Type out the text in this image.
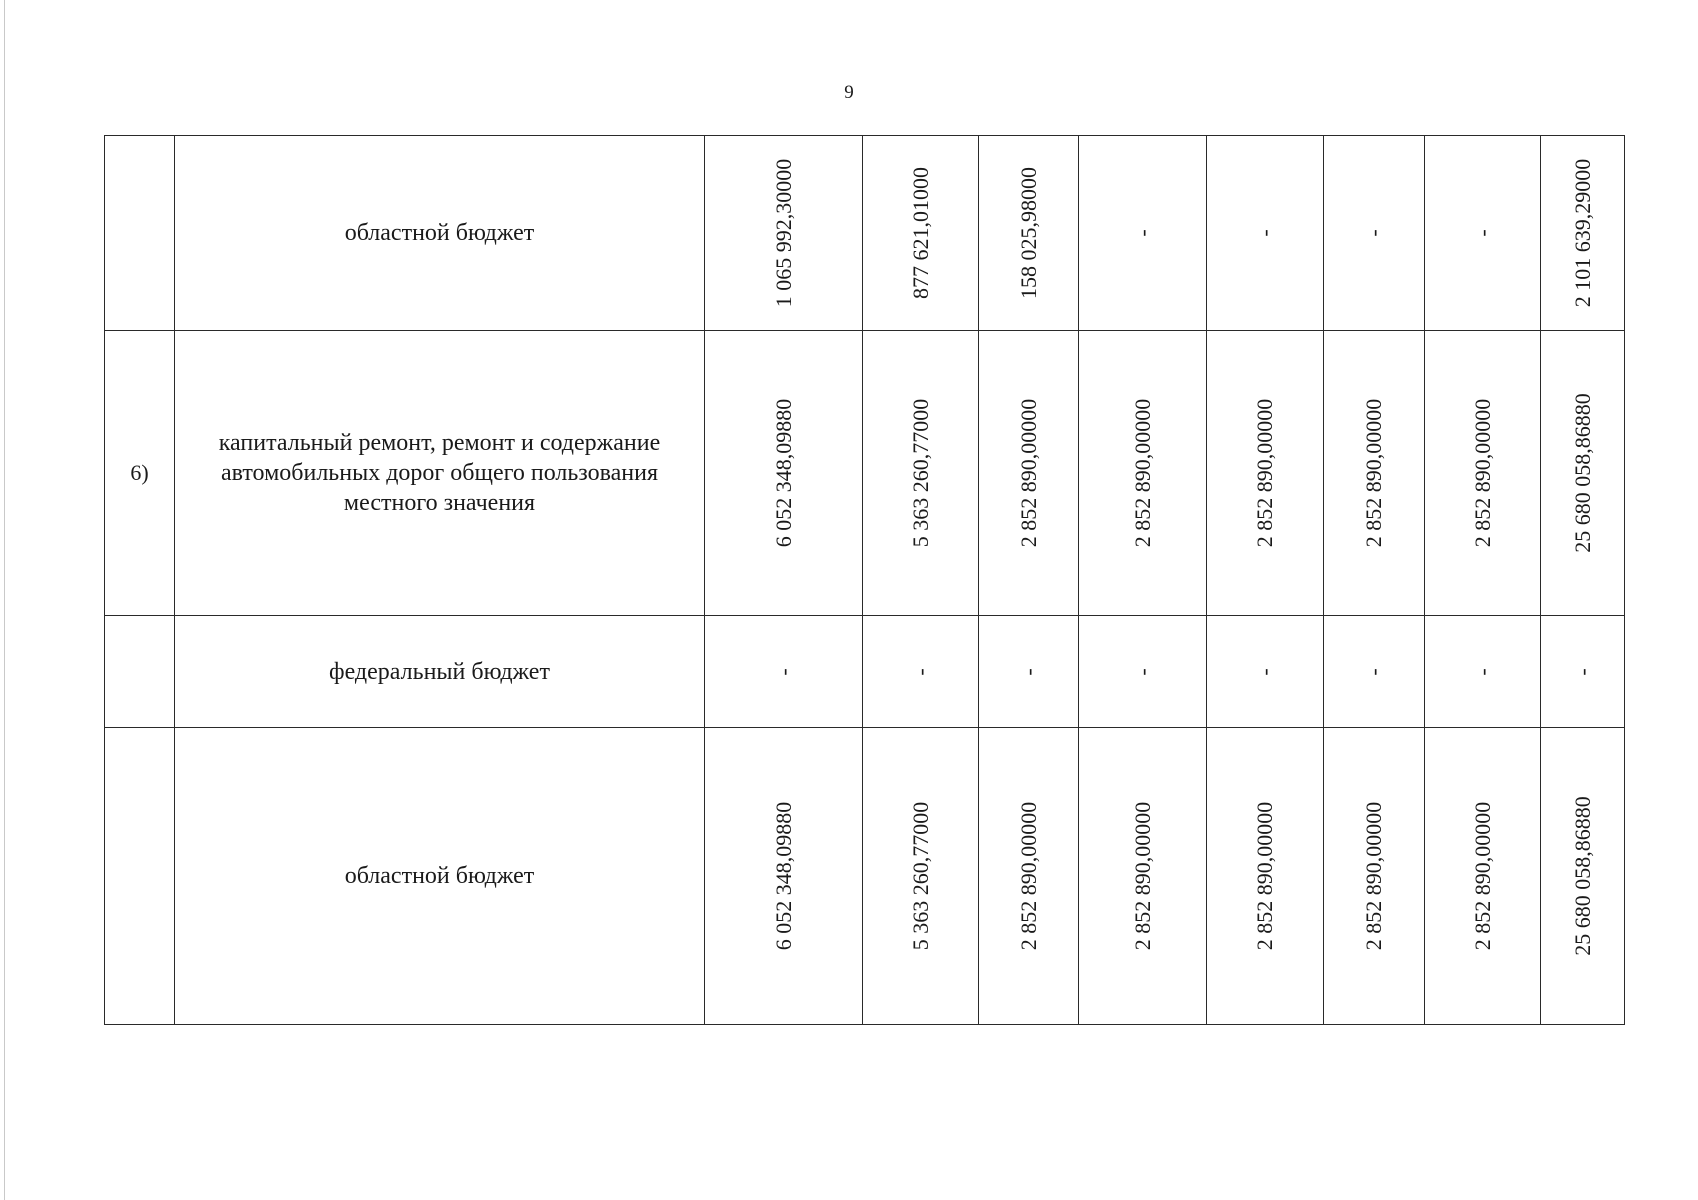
9
	областной бюджет	1 065 992,30000	877 621,01000	158 025,98000	-	-	-	-	2 101 639,29000

6)	капитальный ремонт, ремонт и содержание автомобильных дорог общего пользования местного значения	6 052 348,09880	5 363 260,77000	2 852 890,00000	2 852 890,00000	2 852 890,00000	2 852 890,00000	2 852 890,00000	25 680 058,86880

	федеральный бюджет	-	-	-	-	-	-	-	-

	областной бюджет	6 052 348,09880	5 363 260,77000	2 852 890,00000	2 852 890,00000	2 852 890,00000	2 852 890,00000	2 852 890,00000	25 680 058,86880
